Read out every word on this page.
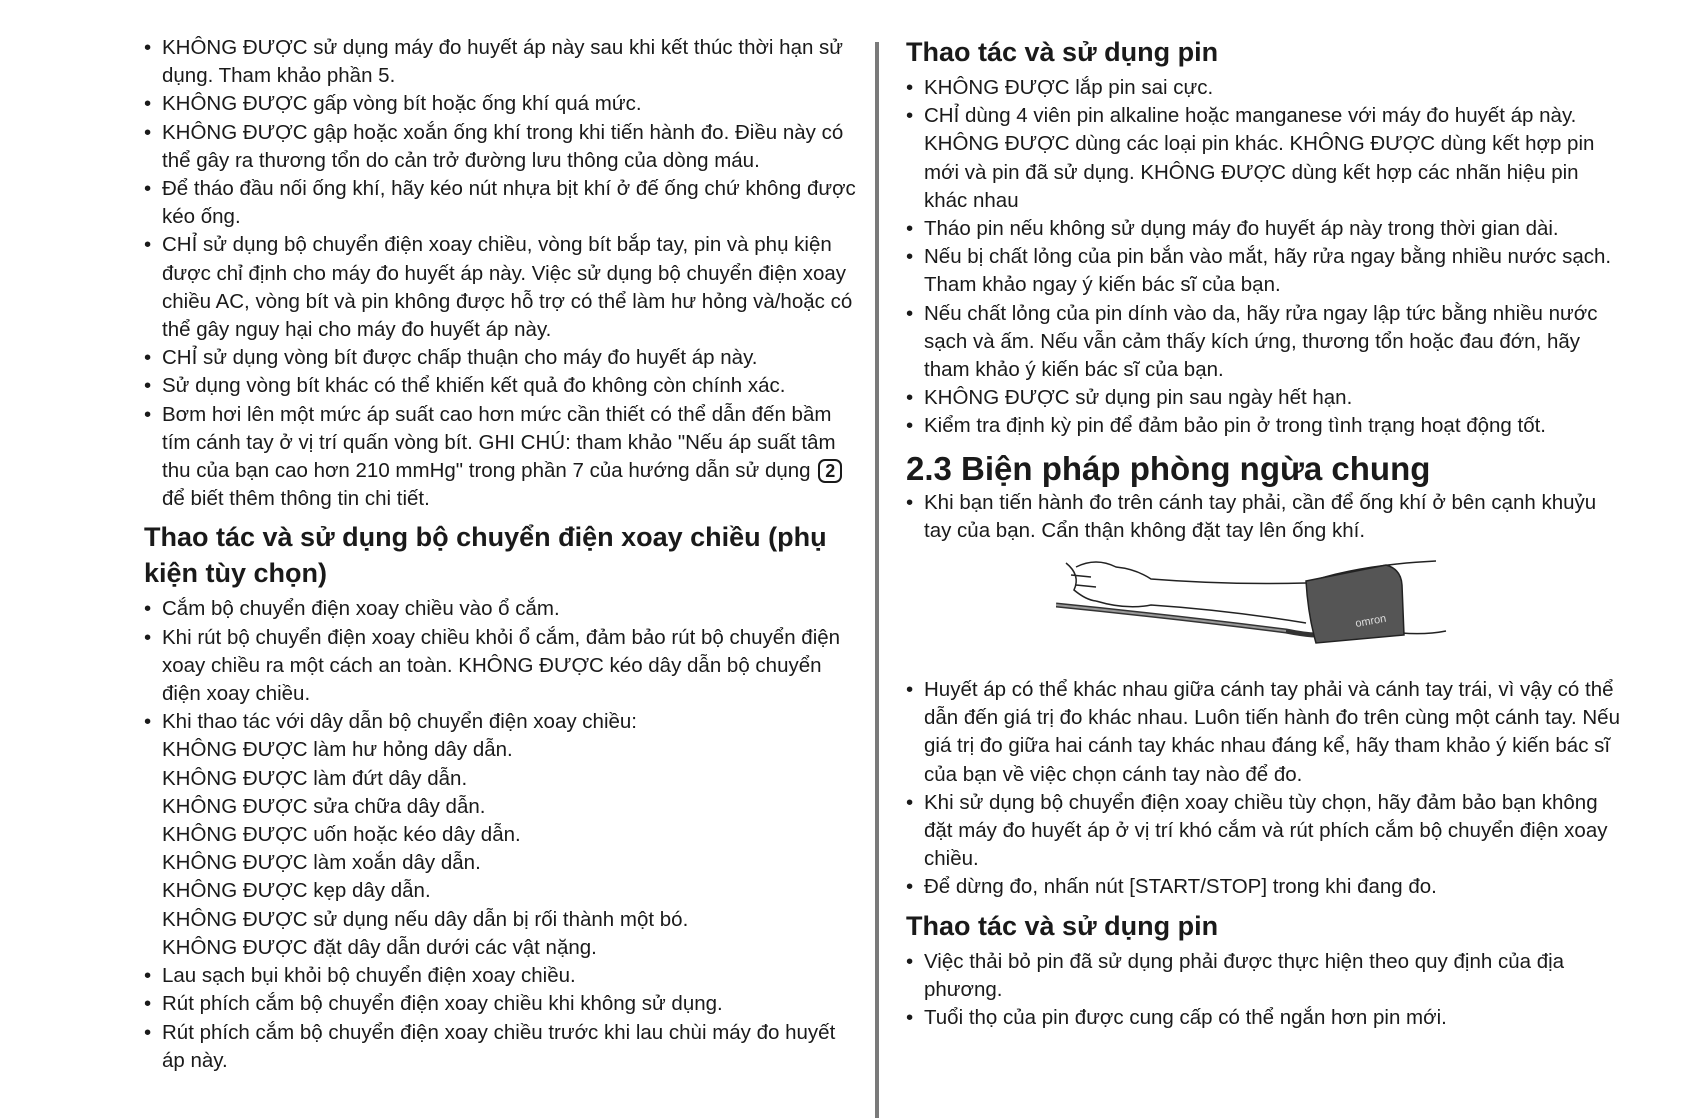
• KHÔNG ĐƯỢC sử dụng máy đo huyết áp này sau khi kết thúc thời hạn sử dụng. Tham khảo phần 5.
• KHÔNG ĐƯỢC gấp vòng bít hoặc ống khí quá mức.
• KHÔNG ĐƯỢC gập hoặc xoắn ống khí trong khi tiến hành đo. Điều này có thể gây ra thương tổn do cản trở đường lưu thông của dòng máu.
• Để tháo đầu nối ống khí, hãy kéo nút nhựa bịt khí ở đế ống chứ không được kéo ống.
• CHỈ sử dụng bộ chuyển điện xoay chiều, vòng bít bắp tay, pin và phụ kiện được chỉ định cho máy đo huyết áp này. Việc sử dụng bộ chuyển điện xoay chiều AC, vòng bít và pin không được hỗ trợ có thể làm hư hỏng và/hoặc có thể gây nguy hại cho máy đo huyết áp này.
• CHỈ sử dụng vòng bít được chấp thuận cho máy đo huyết áp này.
• Sử dụng vòng bít khác có thể khiến kết quả đo không còn chính xác.
• Bơm hơi lên một mức áp suất cao hơn mức cần thiết có thể dẫn đến bầm tím cánh tay ở vị trí quấn vòng bít. GHI CHÚ: tham khảo "Nếu áp suất tâm thu của bạn cao hơn 210 mmHg" trong phần 7 của hướng dẫn sử dụng 2 để biết thêm thông tin chi tiết.
Thao tác và sử dụng bộ chuyển điện xoay chiều (phụ kiện tùy chọn)
• Cắm bộ chuyển điện xoay chiều vào ổ cắm.
• Khi rút bộ chuyển điện xoay chiều khỏi ổ cắm, đảm bảo rút bộ chuyển điện xoay chiều ra một cách an toàn. KHÔNG ĐƯỢC kéo dây dẫn bộ chuyển điện xoay chiều.
• Khi thao tác với dây dẫn bộ chuyển điện xoay chiều:
KHÔNG ĐƯỢC làm hư hỏng dây dẫn.
KHÔNG ĐƯỢC làm đứt dây dẫn.
KHÔNG ĐƯỢC sửa chữa dây dẫn.
KHÔNG ĐƯỢC uốn hoặc kéo dây dẫn.
KHÔNG ĐƯỢC làm xoắn dây dẫn.
KHÔNG ĐƯỢC kẹp dây dẫn.
KHÔNG ĐƯỢC sử dụng nếu dây dẫn bị rối thành một bó.
KHÔNG ĐƯỢC đặt dây dẫn dưới các vật nặng.
• Lau sạch bụi khỏi bộ chuyển điện xoay chiều.
• Rút phích cắm bộ chuyển điện xoay chiều khi không sử dụng.
• Rút phích cắm bộ chuyển điện xoay chiều trước khi lau chùi máy đo huyết áp này.
Thao tác và sử dụng pin
• KHÔNG ĐƯỢC lắp pin sai cực.
• CHỈ dùng 4 viên pin alkaline hoặc manganese với máy đo huyết áp này. KHÔNG ĐƯỢC dùng các loại pin khác. KHÔNG ĐƯỢC dùng kết hợp pin mới và pin đã sử dụng. KHÔNG ĐƯỢC dùng kết hợp các nhãn hiệu pin khác nhau
• Tháo pin nếu không sử dụng máy đo huyết áp này trong thời gian dài.
• Nếu bị chất lỏng của pin bắn vào mắt, hãy rửa ngay bằng nhiều nước sạch. Tham khảo ngay ý kiến bác sĩ của bạn.
• Nếu chất lỏng của pin dính vào da, hãy rửa ngay lập tức bằng nhiều nước sạch và ấm. Nếu vẫn cảm thấy kích ứng, thương tổn hoặc đau đớn, hãy tham khảo ý kiến bác sĩ của bạn.
• KHÔNG ĐƯỢC sử dụng pin sau ngày hết hạn.
• Kiểm tra định kỳ pin để đảm bảo pin ở trong tình trạng hoạt động tốt.
2.3 Biện pháp phòng ngừa chung
• Khi bạn tiến hành đo trên cánh tay phải, cần để ống khí ở bên cạnh khuỷu tay của bạn. Cẩn thận không đặt tay lên ống khí.
omron
• Huyết áp có thể khác nhau giữa cánh tay phải và cánh tay trái, vì vậy có thể dẫn đến giá trị đo khác nhau. Luôn tiến hành đo trên cùng một cánh tay. Nếu giá trị đo giữa hai cánh tay khác nhau đáng kể, hãy tham khảo ý kiến bác sĩ của bạn về việc chọn cánh tay nào để đo.
• Khi sử dụng bộ chuyển điện xoay chiều tùy chọn, hãy đảm bảo bạn không đặt máy đo huyết áp ở vị trí khó cắm và rút phích cắm bộ chuyển điện xoay chiều.
• Để dừng đo, nhấn nút [START/STOP] trong khi đang đo.
Thao tác và sử dụng pin
• Việc thải bỏ pin đã sử dụng phải được thực hiện theo quy định của địa phương.
• Tuổi thọ của pin được cung cấp có thể ngắn hơn pin mới.
